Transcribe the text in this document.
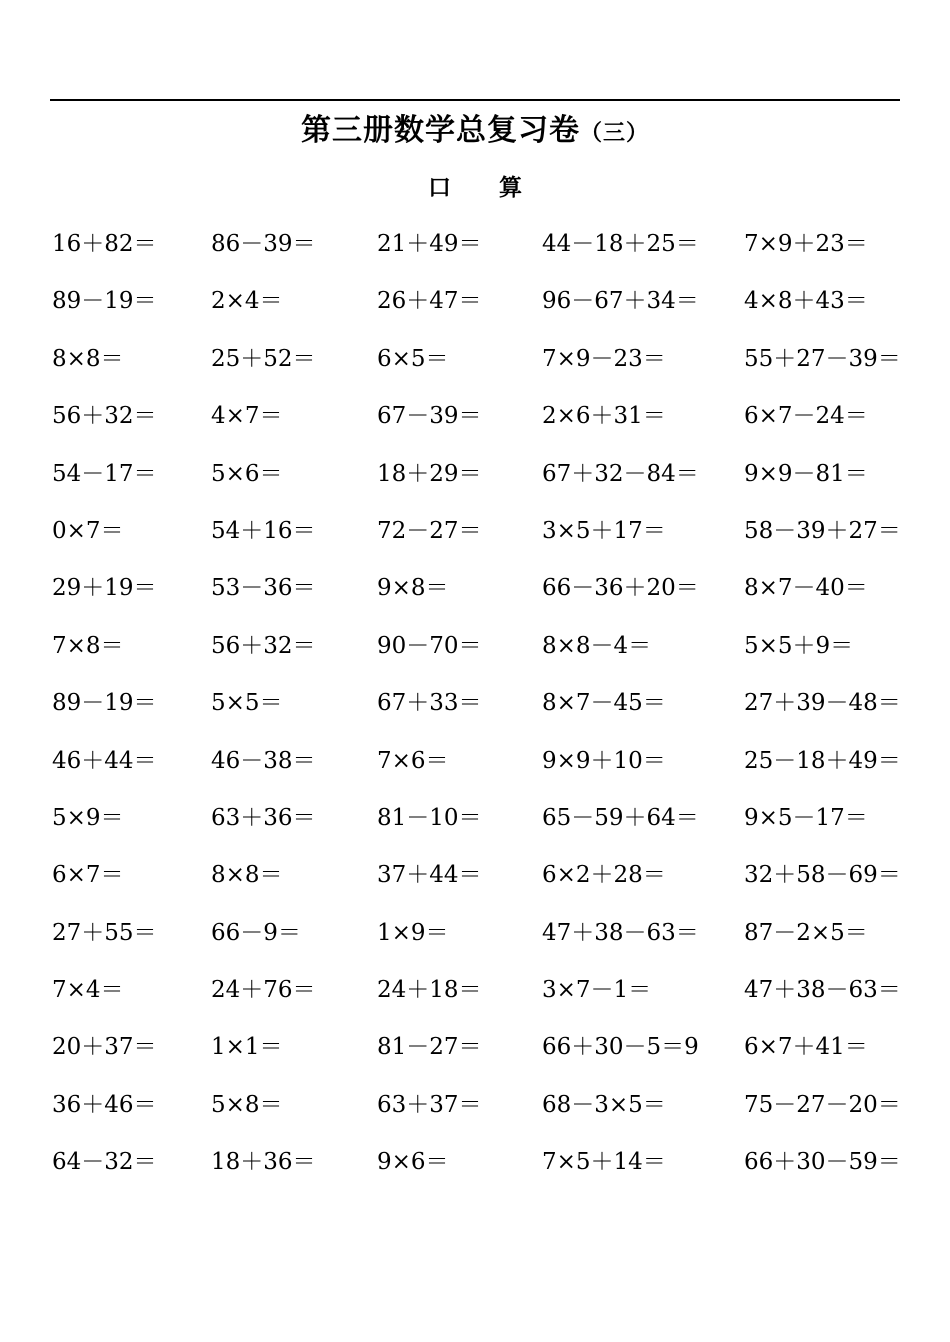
第三册数学总复习卷（三）
口 算
16＋82＝ 86－39＝	21＋49＝	44－18＋25＝ 7×9＋23＝
89－19＝ 2×4＝	26＋47＝	96－67＋34＝ 4×8＋43＝
8×8＝	25＋52＝	6×5＝	7×9－23＝	55＋27－39＝
56＋32＝ 4×7＝	67－39＝	2×6＋31＝	6×7－24＝
54－17＝ 5×6＝	18＋29＝	67＋32－84＝ 9×9－81＝
0×7＝	54＋16＝	72－27＝	3×5＋17＝	58－39＋27＝
29＋19＝ 53－36＝	9×8＝	66－36＋20＝ 8×7－40＝
7×8＝	56＋32＝	90－70＝	8×8－4＝	5×5＋9＝
89－19＝ 5×5＝	67＋33＝	8×7－45＝	27＋39－48＝
46＋44＝ 46－38＝	7×6＝	9×9＋10＝	25－18＋49＝
5×9＝	63＋36＝	81－10＝	65－59＋64＝ 9×5－17＝
6×7＝	8×8＝	37＋44＝	6×2＋28＝	32＋58－69＝
27＋55＝ 66－9＝	1×9＝	47＋38－63＝ 87－2×5＝
7×4＝	24＋76＝	24＋18＝	3×7－1＝	47＋38－63＝
20＋37＝ 1×1＝	81－27＝	66＋30－5＝9 6×7＋41＝
36＋46＝ 5×8＝	63＋37＝	68－3×5＝	75－27－20＝
64－32＝ 18＋36＝	9×6＝	7×5＋14＝	66＋30－59＝
